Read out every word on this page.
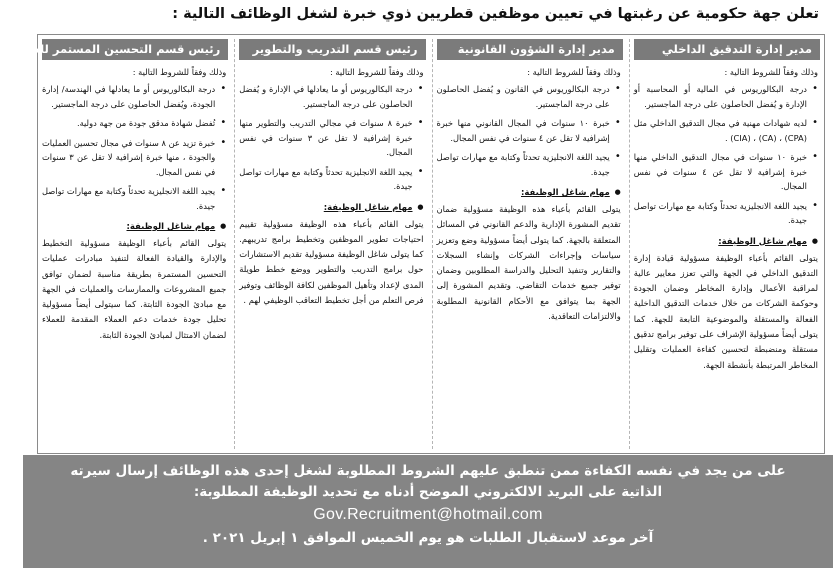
تعلن جهة حكومية عن رغبتها في تعيين موظفين قطريين ذوي خبرة لشغل الوظائف التالية :
مدير إدارة التدقيق الداخلي
وذلك وفقاً للشروط التالية :
• درجة البكالوريوس في المالية أو المحاسبة أو الإدارة و يُفضل الحاصلون على درجة الماجستير.
• لديه شهادات مهنية في مجال التدقيق الداخلي مثل (CPA) ، (CA) ، (CIA) .
• خبرة ١٠ سنوات في مجال التدقيق الداخلي منها خبرة إشرافية لا تقل عن ٤ سنوات في نفس المجال.
• يجيد اللغة الانجليزية تحدثاً وكتابة مع مهارات تواصل جيدة.
● مهام شاغل الوظيفة:

يتولى القائم بأعباء الوظيفة مسؤولية قيادة إدارة التدقيق الداخلي في الجهة والتي تعزز معايير عالية لمراقبة الأعمال وإدارة المخاطر وضمان الجودة وحوكمة الشركات من خلال خدمات التدقيق الداخلية الفعالة والمستقلة والموضوعية التابعة للجهة. كما يتولى أيضاً مسؤولية الإشراف على توفير برامج تدقيق مستقلة ومنضبطة لتحسين كفاءة العمليات وتقليل المخاطر المرتبطة بأنشطة الجهة.

مدير إدارة الشؤون القانونية
وذلك وفقاً للشروط التالية :
• درجة البكالوريوس في القانون و يُفضل الحاصلون على درجة الماجستير.
• خبرة ١٠ سنوات في المجال القانوني منها خبرة إشرافية لا تقل عن ٤ سنوات في نفس المجال.
• يجيد اللغة الانجليزية تحدثاً وكتابة مع مهارات تواصل جيدة.
● مهام شاغل الوظيفة:

يتولى القائم بأعباء هذه الوظيفة مسؤولية ضمان تقديم المشورة الإدارية والدعم القانوني في المسائل المتعلقة بالجهة. كما يتولى أيضاً مسؤولية وضع وتعزيز سياسات وإجراءات الشركات وإنشاء السجلات والتقارير وتنفيذ التحليل والدراسة المطلوبين وضمان توفير جميع خدمات التقاضي. وتقديم المشورة إلى الجهة بما يتوافق مع الأحكام القانونية المطلوبة والالتزامات التعاقدية.

رئيس قسم التدريب والتطوير
وذلك وفقاً للشروط التالية :
• درجة البكالوريوس أو ما يعادلها في الإدارة و يُفضل الحاصلون على درجة الماجستير.
• خبرة ٨ سنوات في مجالي التدريب والتطوير منها خبرة إشرافية لا تقل عن ٣ سنوات في نفس المجال.
• يجيد اللغة الانجليزية تحدثاً وكتابة مع مهارات تواصل جيدة.
● مهام شاغل الوظيفة:

يتولى القائم بأعباء هذه الوظيفة مسؤولية تقييم احتياجات تطوير الموظفين وتخطيط برامج تدريبهم. كما يتولى شاغل الوظيفة مسؤولية تقديم الاستشارات حول برامج التدريب والتطوير ووضع خطط طويلة المدى لإعداد وتأهيل الموظفين لكافة الوظائف وتوفير فرص التعلم من أجل تخطيط التعاقب الوظيفي لهم .

رئيس قسم التحسين المستمر للعمليات
وذلك وفقاً للشروط التالية :
• درجة البكالوريوس أو ما يعادلها في الهندسة/ إدارة الجودة، ويُفضل الحاصلون على درجة الماجستير.
• تُفضل شهادة مدقق جودة من جهة دولية.
• خبرة تزيد عن ٨ سنوات في مجال تحسين العمليات والجودة ، منها خبرة إشرافية لا تقل عن ٣ سنوات في نفس المجال.
• يجيد اللغة الانجليزية تحدثاً وكتابة مع مهارات تواصل جيدة.
● مهام شاغل الوظيفة:

يتولى القائم بأعباء الوظيفة مسؤولية التخطيط والإدارة والقيادة الفعالة لتنفيذ مبادرات عمليات التحسين المستمرة بطريقة مناسبة لضمان توافق جميع المشروعات والممارسات والعمليات في الجهة مع مبادئ الجودة الثابتة. كما سيتولى أيضاً مسؤولية تحليل جودة خدمات دعم العملاء المقدمة للعملاء لضمان الامتثال لمبادئ الجودة الثابتة.

على من يجد في نفسه الكفاءة ممن تنطبق عليهم الشروط المطلوبة لشغل إحدى هذه الوظائف إرسال سيرته
الذاتية على البريد الالكتروني الموضح أدناه مع تحديد الوظيفة المطلوبة:
Gov.Recruitment@hotmail.com
آخر موعد لاستقبال الطلبات هو يوم الخميس الموافق ١ إبريل ٢٠٢١ .
